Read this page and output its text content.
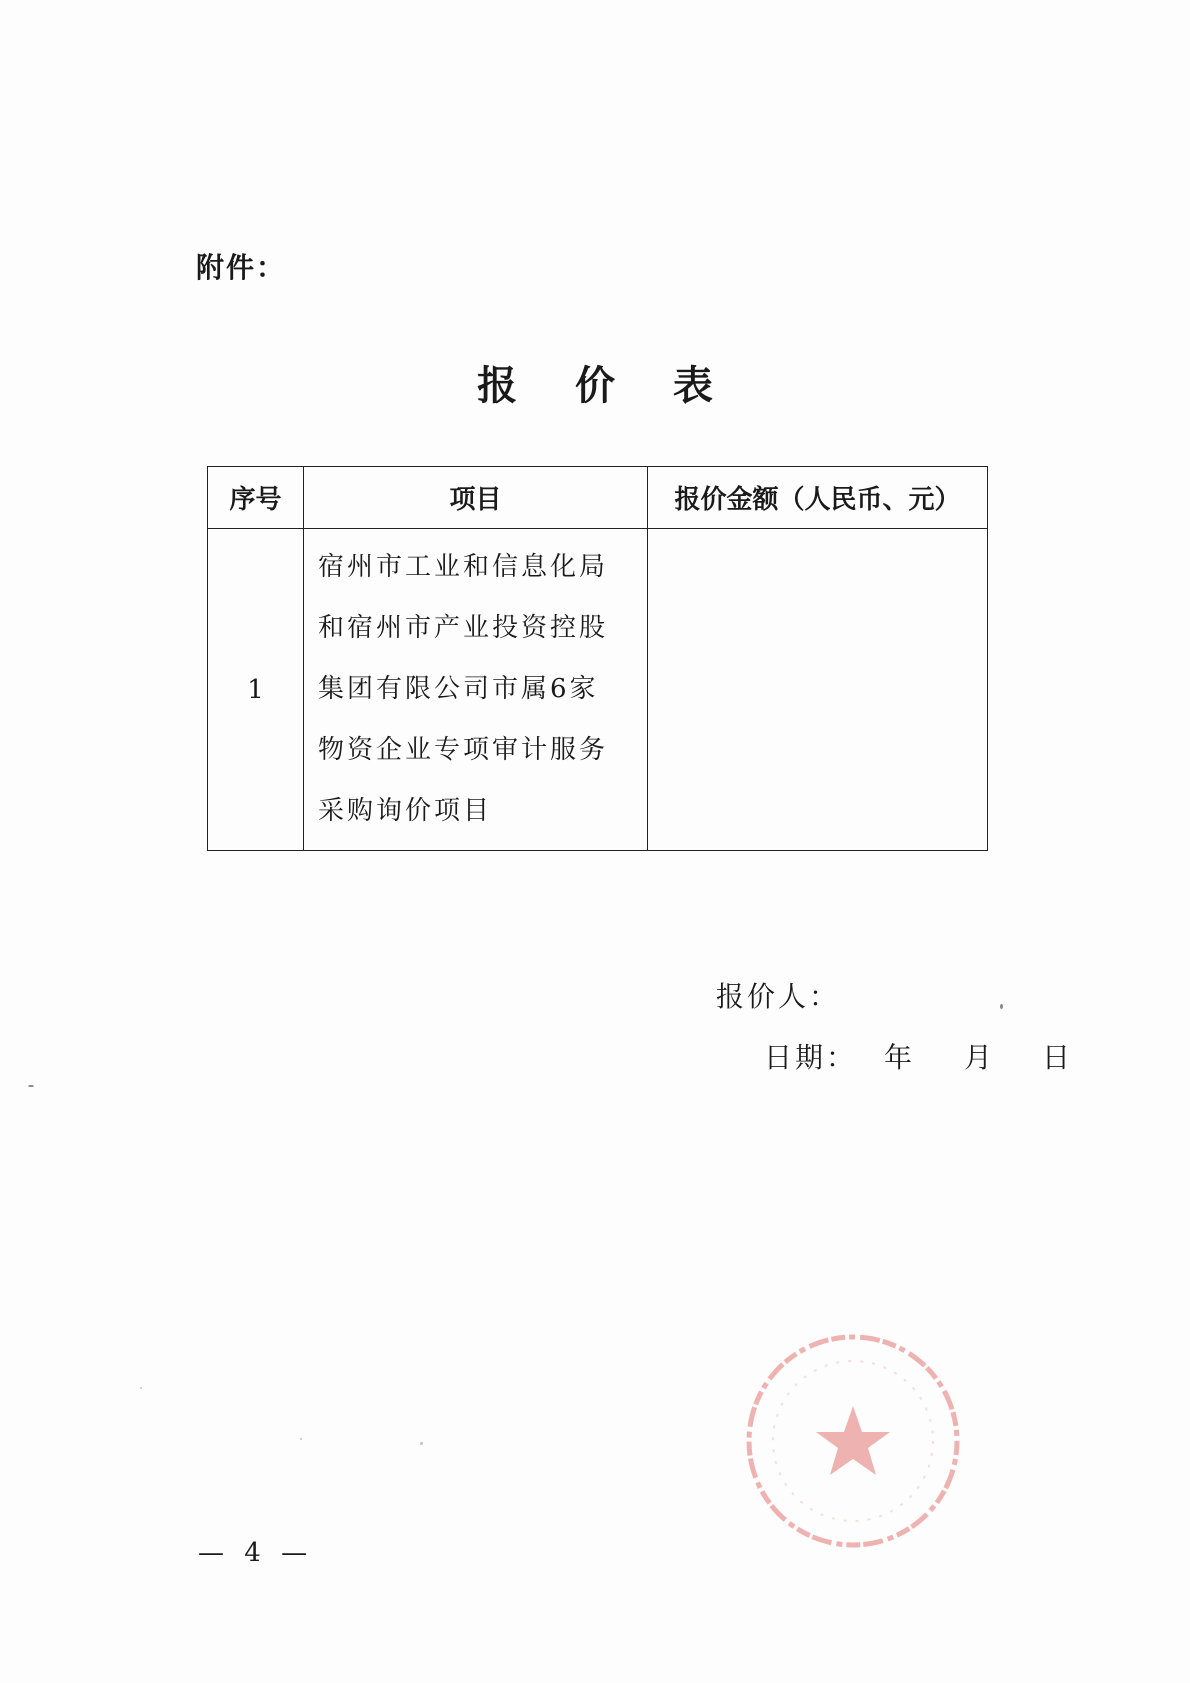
附件：
报 价 表
序号	项目	报价金额（人民币、元）
1	宿州市工业和信息化局
和宿州市产业投资控股
集团有限公司市属6家
物资企业专项审计服务
采购询价项目	

报价人：
日期： 年 月 日
— 4 —
